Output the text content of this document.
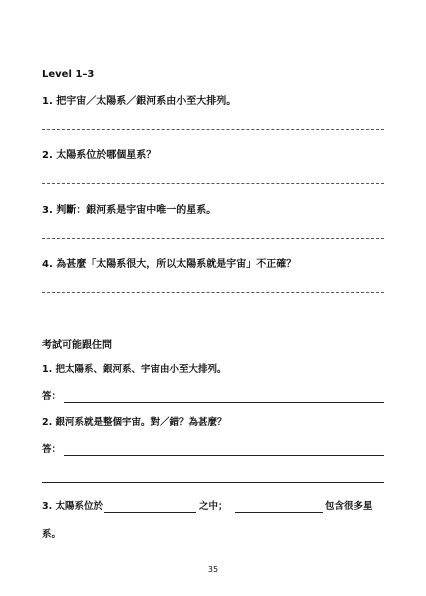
Level 1–3
1. 把宇宙／太陽系／銀河系由小至大排列。
2. 太陽系位於哪個星系？
3. 判斷：銀河系是宇宙中唯一的星系。
4. 為甚麼「太陽系很大，所以太陽系就是宇宙」不正確？
考試可能跟住問
1. 把太陽系、銀河系、宇宙由小至大排列。
答：
2. 銀河系就是整個宇宙。對／錯？為甚麼？
答：
3. 太陽系位於	之中；	包含很多星
系。
35
